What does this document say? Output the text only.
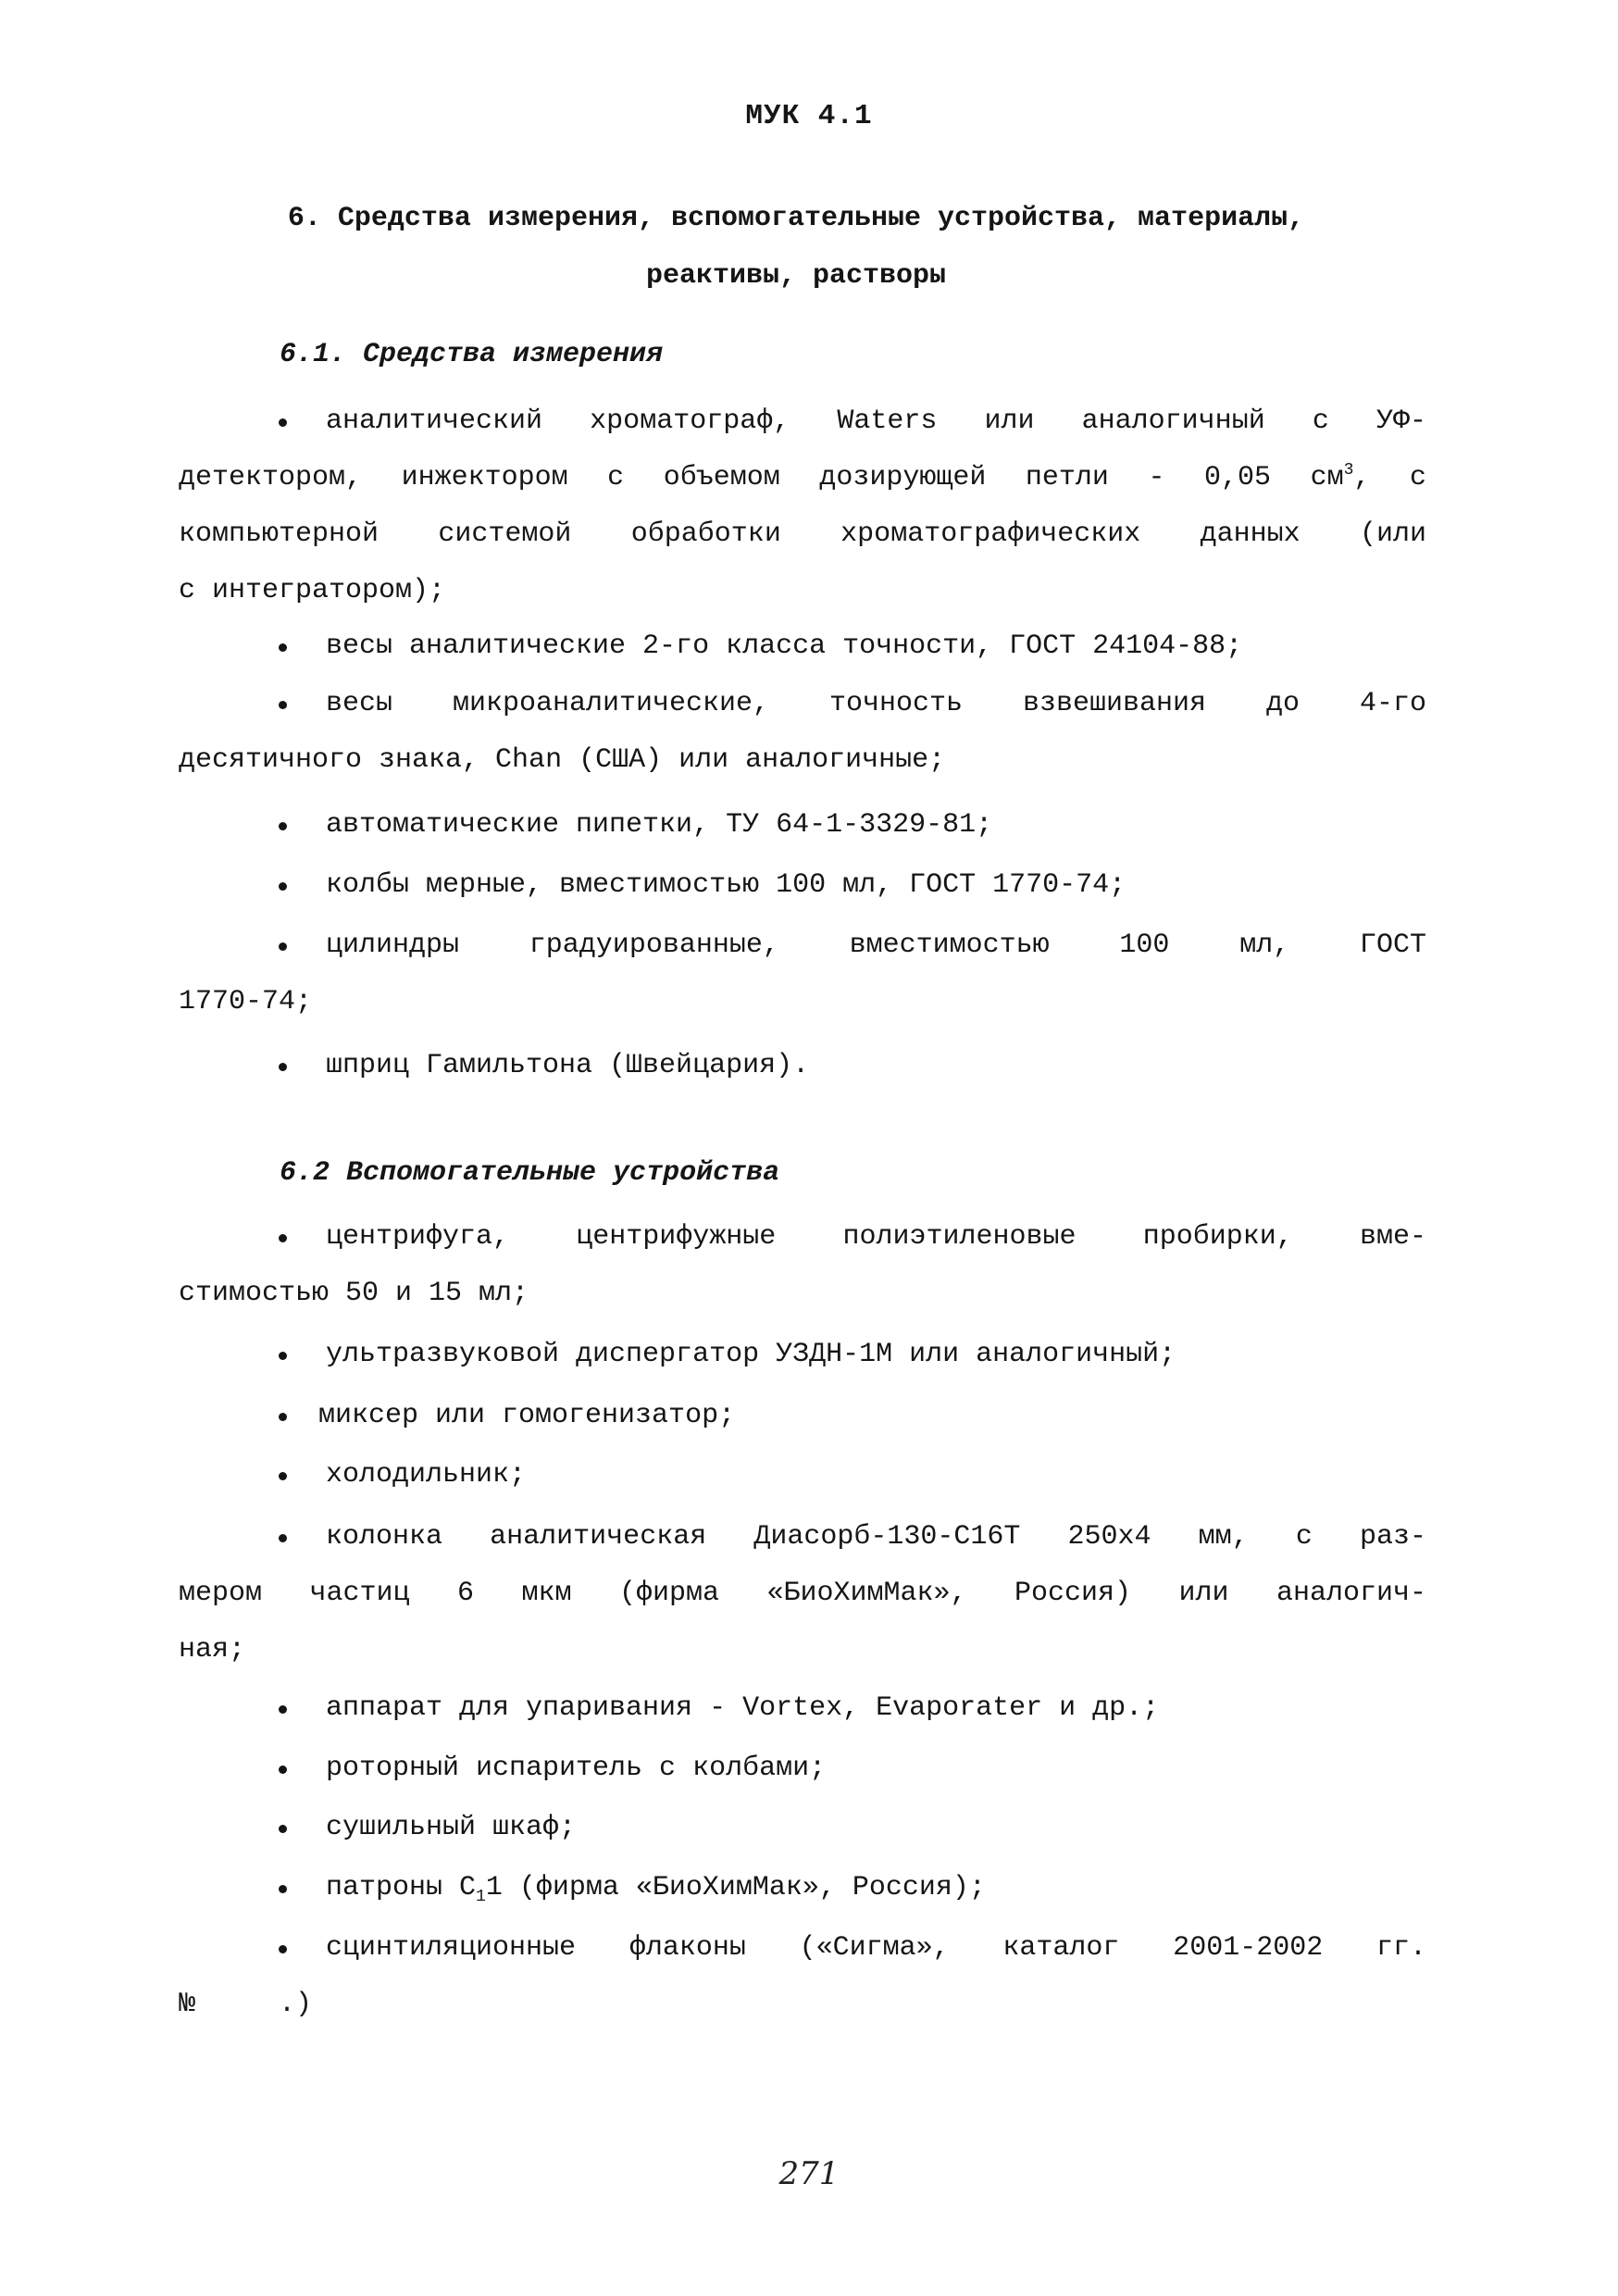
МУК 4.1
6. Средства измерения, вспомогательные устройства, материалы,
реактивы, растворы
6.1. Средства измерения
аналитический хроматограф, Waters или аналогичный с УФ-
детектором, инжектором с объемом дозирующей петли - 0,05 $см^3$, с
компьютерной системой обработки хроматографических данных (или
с интегратором);
весы аналитические 2-го класса точности, ГОСТ 24104-88;
весы микроаналитические, точность взвешивания до 4-го
десятичного знака, Chan (США) или аналогичные;
автоматические пипетки, ТУ 64-1-3329-81;
колбы мерные, вместимостью 100 мл, ГОСТ 1770-74;
цилиндры градуированные, вместимостью 100 мл, ГОСТ
1770-74;
шприц Гамильтона (Швейцария).
6.2 Вспомогательные устройства
центрифуга, центрифужные полиэтиленовые пробирки, вме-
стимостью 50 и 15 мл;
ультразвуковой диспергатор УЗДН-1М или аналогичный;
миксер или гомогенизатор;
холодильник;
колонка аналитическая Диасорб-130-С16Т 250х4 мм, с раз-
мером частиц 6 мкм (фирма «БиоХимМак», Россия) или аналогич-
ная;
аппарат для упаривания - Vortex, Evaporater и др.;
роторный испаритель с колбами;
сушильный шкаф;
патроны $С_11$ (фирма «БиоХимМак», Россия);
сцинтиляционные флаконы («Сигма», каталог 2001-2002 гг.
№     .)
271
